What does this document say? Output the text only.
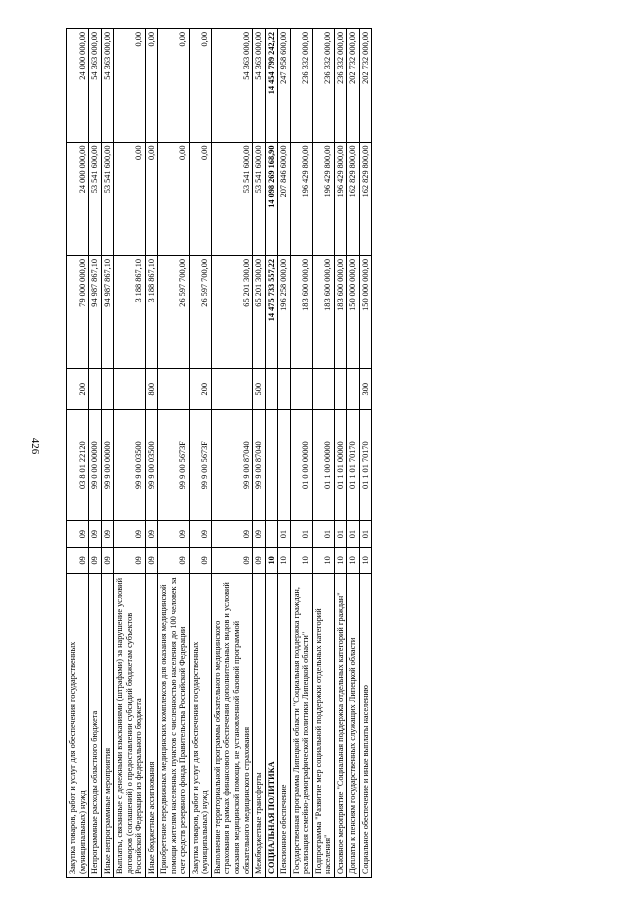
426
Закупка товаров, работ и услуг для обеспечения государственных (муниципальных) нужд	09	09	03 8 01 22120	200	79 000 000,00	24 000 000,00	24 000 000,00
Непрограммные расходы областного бюджета	09	09	99 0 00 00000		94 987 867,10	53 541 600,00	54 363 000,00
Иные непрограммные мероприятия	09	09	99 9 00 00000		94 987 867,10	53 541 600,00	54 363 000,00
Выплаты, связанные с денежными взысканиями (штрафами) за нарушение условий договоров (соглашений) о предоставлении субсидий бюджетам субъектов Российской Федерации из федерального бюджета	09	09	99 9 00 03500		3 188 867,10	0,00	0,00
Иные бюджетные ассигнования	09	09	99 9 00 03500	800	3 188 867,10	0,00	0,00
Приобретение передвижных медицинских комплексов для оказания медицинской помощи жителям населенных пунктов с численностью населения до 100 человек за счет средств резервного фонда Правительства Российской Федерации	09	09	99 9 00 5673F		26 597 700,00	0,00	0,00
Закупка товаров, работ и услуг для обеспечения государственных (муниципальных) нужд	09	09	99 9 00 5673F	200	26 597 700,00	0,00	0,00
Выполнение территориальной программы обязательного медицинского страхования в рамках финансового обеспечения дополнительных видов и условий оказания медицинской помощи, не установленной базовой программой обязательного медицинского страхования	09	09	99 9 00 87040		65 201 300,00	53 541 600,00	54 363 000,00
Межбюджетные трансферты	09	09	99 9 00 87040	500	65 201 300,00	53 541 600,00	54 363 000,00
СОЦИАЛЬНАЯ ПОЛИТИКА	10				14 475 733 557,22	14 098 269 168,90	14 454 799 242,22
Пенсионное обеспечение	10	01			196 258 000,00	207 846 600,00	247 958 600,00
Государственная программа Липецкой области "Социальная поддержка граждан, реализация семейно-демографической политики Липецкой области"	10	01	01 0 00 00000		183 600 000,00	196 429 800,00	236 332 000,00
Подпрограмма "Развитие мер социальной поддержки отдельных категорий населения"	10	01	01 1 00 00000		183 600 000,00	196 429 800,00	236 332 000,00
Основное мероприятие "Социальная поддержка отдельных категорий граждан"	10	01	01 1 01 00000		183 600 000,00	196 429 800,00	236 332 000,00
Доплаты к пенсиям государственных служащих Липецкой области	10	01	01 1 01 70170		150 000 000,00	162 829 800,00	202 732 000,00
Социальное обеспечение и иные выплаты населению	10	01	01 1 01 70170	300	150 000 000,00	162 829 800,00	202 732 000,00
